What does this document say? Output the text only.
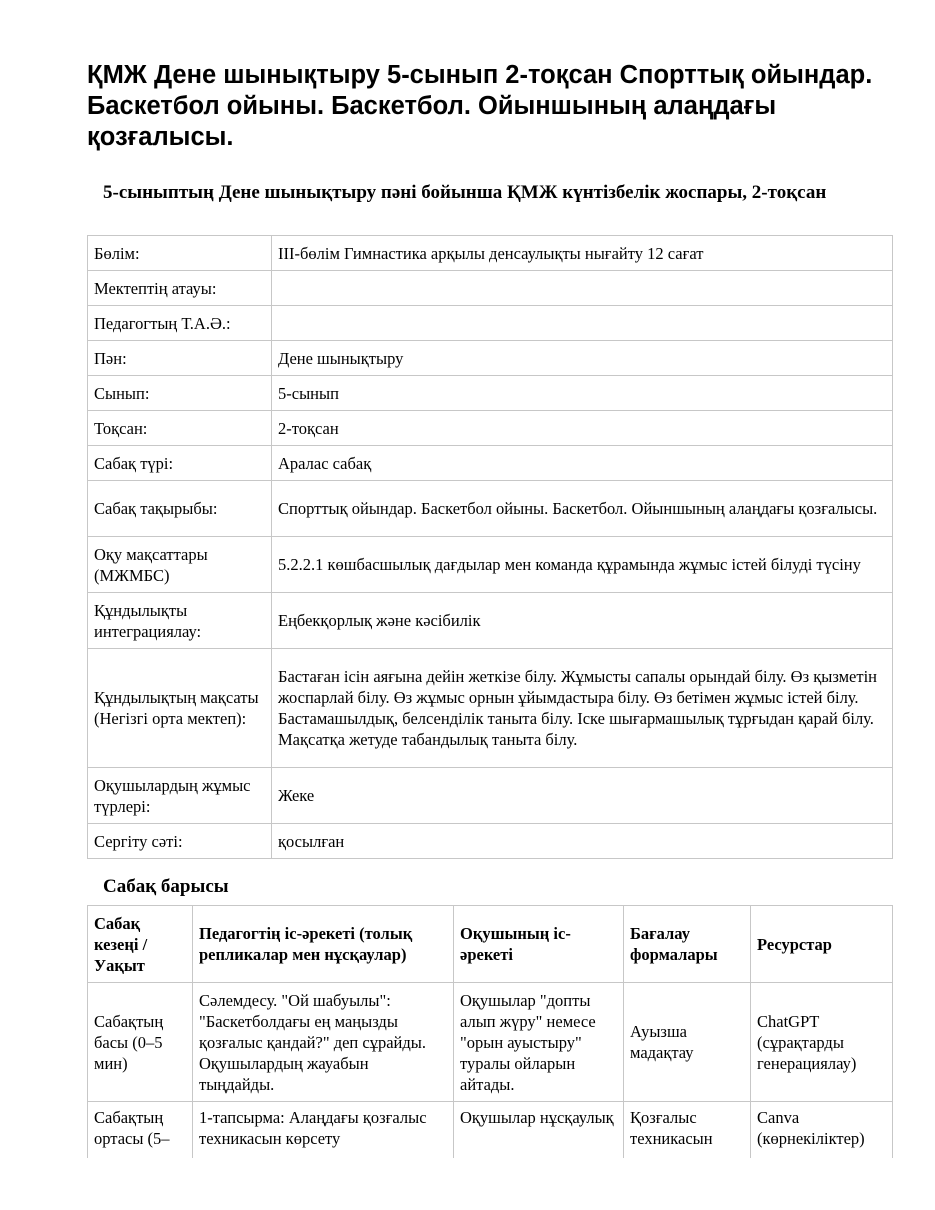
ҚМЖ Дене шынықтыру 5-сынып 2-тоқсан Спорттық ойындар. Баскетбол ойыны. Баскетбол. Ойыншының алаңдағы қозғалысы.
5-сыныптың Дене шынықтыру пәні бойынша ҚМЖ күнтізбелік жоспары, 2-тоқсан
Бөлім:	ІІІ-бөлім Гимнастика арқылы денсаулықты нығайту 12 сағат
Мектептің атауы:	
Педагогтың Т.А.Ә.:	
Пән:	Дене шынықтыру
Сынып:	5-сынып
Тоқсан:	2-тоқсан
Сабақ түрі:	Аралас сабақ
Сабақ тақырыбы:	Спорттық ойындар. Баскетбол ойыны. Баскетбол. Ойыншының алаңдағы қозғалысы.
Оқу мақсаттары (МЖМБС)	5.2.2.1 көшбасшылық дағдылар мен команда құрамында жұмыс істей білуді түсіну
Құндылықты интеграциялау:	Еңбекқорлық және кәсібилік
Құндылықтың мақсаты (Негізгі орта мектеп):	Бастаған ісін аяғына дейін жеткізе білу. Жұмысты сапалы орындай білу. Өз қызметін жоспарлай білу. Өз жұмыс орнын ұйымдастыра білу. Өз бетімен жұмыс істей білу. Бастамашылдық, белсенділік таныта білу. Іске шығармашылық тұрғыдан қарай білу. Мақсатқа жетуде табандылық таныта білу.
Оқушылардың жұмыс түрлері:	Жеке
Сергіту сәті:	қосылған
Сабақ барысы
Сабақ кезеңі / Уақыт	Педагогтің іс-әрекеті (толық репликалар мен нұсқаулар)	Оқушының іс-әрекеті	Бағалау формалары	Ресурстар
Сабақтың басы (0–5 мин)	Сәлемдесу. "Ой шабуылы": "Баскетболдағы ең маңызды қозғалыс қандай?" деп сұрайды. Оқушылардың жауабын тыңдайды.	Оқушылар "допты алып жүру" немесе "орын ауыстыру" туралы ойларын айтады.	Ауызша мадақтау	ChatGPT (сұрақтарды генерациялау)
Сабақтың ортасы (5–	1-тапсырма: Алаңдағы қозғалыс техникасын көрсету	Оқушылар нұсқаулық	Қозғалыс техникасын	Canva (көрнекіліктер)
